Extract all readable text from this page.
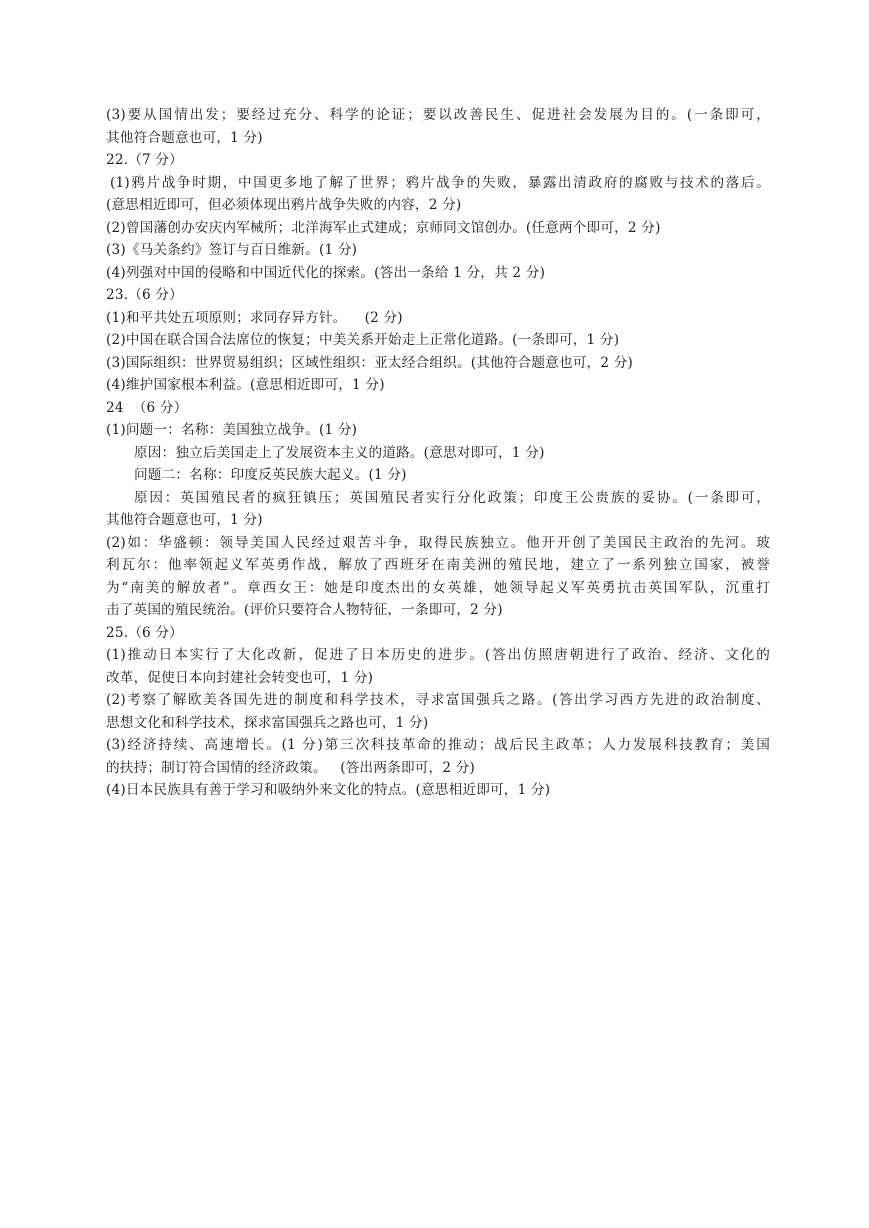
(3)要从国情出发；要经过充分、科学的论证；要以改善民生、促进社会发展为目的。(一条即可，
其他符合题意也可，1 分)
22.（7 分）
(1)鸦片战争时期，中国更多地了解了世界；鸦片战争的失败，暴露出清政府的腐败与技术的落后。
(意思相近即可，但必须体现出鸦片战争失败的内容，2 分)
(2)曾国藩创办安庆内军械所；北洋海军止式建成；京师同文馆创办。(任意两个即可，2 分)
(3)《马关条约》签订与百日维新。(1 分)
(4)列强对中国的侵略和中国近代化的探索。(答出一条给 1 分，共 2 分)
23.（6 分）
(1)和平共处五项原则；求同存异方针。    (2 分)
(2)中国在联合国合法席位的恢复；中美关系开始走上正常化道路。(一条即可，1 分)
(3)国际组织：世界贸易组织；区域性组织：亚太经合组织。(其他符合题意也可，2 分)
(4)维护国家根本利益。(意思相近即可，1 分)
24  （6 分）
(1)问题一：名称：美国独立战争。(1 分)
原因：独立后美国走上了发展资本主义的道路。(意思对即可，1 分)
问题二：名称：印度反英民族大起义。(1 分)
原因：英国殖民者的疯狂镇压；英国殖民者实行分化政策；印度王公贵族的妥协。(一条即可，
其他符合题意也可，1 分)
(2)如：华盛顿：领导美国人民经过艰苦斗争，取得民族独立。他开开创了美国民主政治的先河。玻
利瓦尔：他率领起义军英勇作战，解放了西班牙在南美洲的殖民地，建立了一系列独立国家，被誉
为“南美的解放者”。章西女王：她是印度杰出的女英雄，她领导起义军英勇抗击英国军队，沉重打
击了英国的殖民统治。(评价只要符合人物特征，一条即可，2 分)
25.（6 分）
(1)推动日本实行了大化改新，促进了日本历史的进步。(答出仿照唐朝进行了政治、经济、文化的
改革，促使日本向封建社会转变也可，1 分)
(2)考察了解欧美各国先进的制度和科学技术，寻求富国强兵之路。(答出学习西方先进的政治制度、
思想文化和科学技术，探求富国强兵之路也可，1 分)
(3)经济持续、高速增长。(1 分)第三次科技革命的推动；战后民主政革；人力发展科技教育；美国
的扶持；制订符合国情的经济政策。   (答出两条即可，2 分)
(4)日本民族具有善于学习和吸纳外来文化的特点。(意思相近即可，1 分)
